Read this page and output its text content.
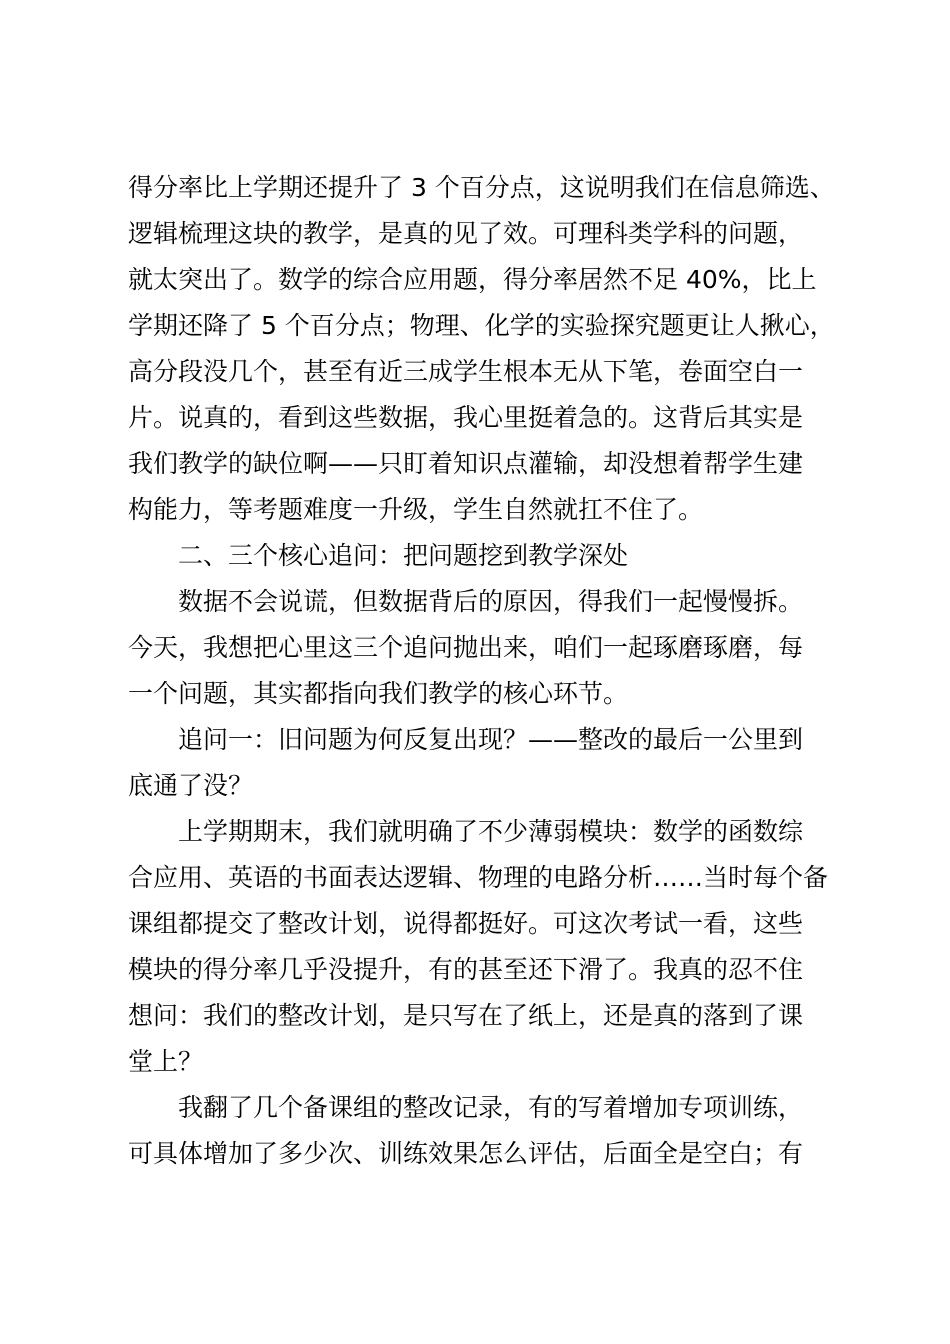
得分率比上学期还提升了 3 个百分点，这说明我们在信息筛选、
逻辑梳理这块的教学，是真的见了效。可理科类学科的问题，
就太突出了。数学的综合应用题，得分率居然不足 40%，比上
学期还降了 5 个百分点；物理、化学的实验探究题更让人揪心，
高分段没几个，甚至有近三成学生根本无从下笔，卷面空白一
片。说真的，看到这些数据，我心里挺着急的。这背后其实是
我们教学的缺位啊——只盯着知识点灌输，却没想着帮学生建
构能力，等考题难度一升级，学生自然就扛不住了。
二、三个核心追问：把问题挖到教学深处
数据不会说谎，但数据背后的原因，得我们一起慢慢拆。
今天，我想把心里这三个追问抛出来，咱们一起琢磨琢磨，每
一个问题，其实都指向我们教学的核心环节。
追问一：旧问题为何反复出现？——整改的最后一公里到
底通了没？
上学期期末，我们就明确了不少薄弱模块：数学的函数综
合应用、英语的书面表达逻辑、物理的电路分析……当时每个备
课组都提交了整改计划，说得都挺好。可这次考试一看，这些
模块的得分率几乎没提升，有的甚至还下滑了。我真的忍不住
想问：我们的整改计划，是只写在了纸上，还是真的落到了课
堂上？
我翻了几个备课组的整改记录，有的写着增加专项训练，
可具体增加了多少次、训练效果怎么评估，后面全是空白；有
